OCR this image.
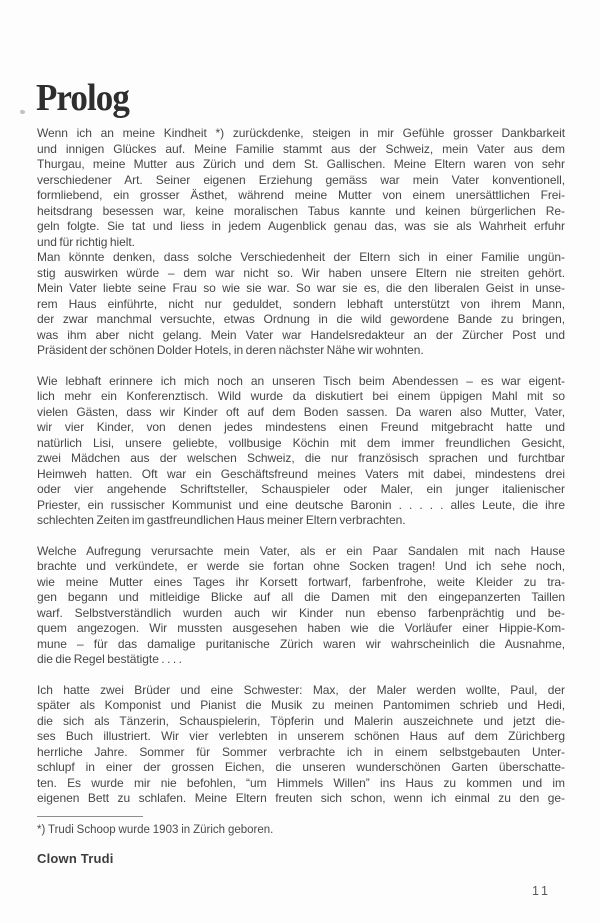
Prolog
Wenn ich an meine Kindheit *) zurückdenke, steigen in mir Gefühle grosser Dankbarkeit
und innigen Glückes auf. Meine Familie stammt aus der Schweiz, mein Vater aus dem
Thurgau, meine Mutter aus Zürich und dem St. Gallischen. Meine Eltern waren von sehr
verschiedener Art. Seiner eigenen Erziehung gemäss war mein Vater konventionell,
formliebend, ein grosser Ästhet, während meine Mutter von einem unersättlichen Frei-
heitsdrang besessen war, keine moralischen Tabus kannte und keinen bürgerlichen Re-
geln folgte. Sie tat und liess in jedem Augenblick genau das, was sie als Wahrheit erfuhr
und für richtig hielt.
Man könnte denken, dass solche Verschiedenheit der Eltern sich in einer Familie ungün-
stig auswirken würde – dem war nicht so. Wir haben unsere Eltern nie streiten gehört.
Mein Vater liebte seine Frau so wie sie war. So war sie es, die den liberalen Geist in unse-
rem Haus einführte, nicht nur geduldet, sondern lebhaft unterstützt von ihrem Mann,
der zwar manchmal versuchte, etwas Ordnung in die wild gewordene Bande zu bringen,
was ihm aber nicht gelang. Mein Vater war Handelsredakteur an der Zürcher Post und
Präsident der schönen Dolder Hotels, in deren nächster Nähe wir wohnten.
Wie lebhaft erinnere ich mich noch an unseren Tisch beim Abendessen – es war eigent-
lich mehr ein Konferenztisch. Wild wurde da diskutiert bei einem üppigen Mahl mit so
vielen Gästen, dass wir Kinder oft auf dem Boden sassen. Da waren also Mutter, Vater,
wir vier Kinder, von denen jedes mindestens einen Freund mitgebracht hatte und
natürlich Lisi, unsere geliebte, vollbusige Köchin mit dem immer freundlichen Gesicht,
zwei Mädchen aus der welschen Schweiz, die nur französisch sprachen und furchtbar
Heimweh hatten. Oft war ein Geschäftsfreund meines Vaters mit dabei, mindestens drei
oder vier angehende Schriftsteller, Schauspieler oder Maler, ein junger italienischer
Priester, ein russischer Kommunist und eine deutsche Baronin . . . . . alles Leute, die ihre
schlechten Zeiten im gastfreundlichen Haus meiner Eltern verbrachten.
Welche Aufregung verursachte mein Vater, als er ein Paar Sandalen mit nach Hause
brachte und verkündete, er werde sie fortan ohne Socken tragen! Und ich sehe noch,
wie meine Mutter eines Tages ihr Korsett fortwarf, farbenfrohe, weite Kleider zu tra-
gen begann und mitleidige Blicke auf all die Damen mit den eingepanzerten Taillen
warf. Selbstverständlich wurden auch wir Kinder nun ebenso farbenprächtig und be-
quem angezogen. Wir mussten ausgesehen haben wie die Vorläufer einer Hippie-Kom-
mune – für das damalige puritanische Zürich waren wir wahrscheinlich die Ausnahme,
die die Regel bestätigte . . . .
Ich hatte zwei Brüder und eine Schwester: Max, der Maler werden wollte, Paul, der
später als Komponist und Pianist die Musik zu meinen Pantomimen schrieb und Hedi,
die sich als Tänzerin, Schauspielerin, Töpferin und Malerin auszeichnete und jetzt die-
ses Buch illustriert. Wir vier verlebten in unserem schönen Haus auf dem Zürichberg
herrliche Jahre. Sommer für Sommer verbrachte ich in einem selbstgebauten Unter-
schlupf in einer der grossen Eichen, die unseren wunderschönen Garten überschatte-
ten. Es wurde mir nie befohlen, “um Himmels Willen” ins Haus zu kommen und im
eigenen Bett zu schlafen. Meine Eltern freuten sich schon, wenn ich einmal zu den ge-
*) Trudi Schoop wurde 1903 in Zürich geboren.
Clown Trudi
11
